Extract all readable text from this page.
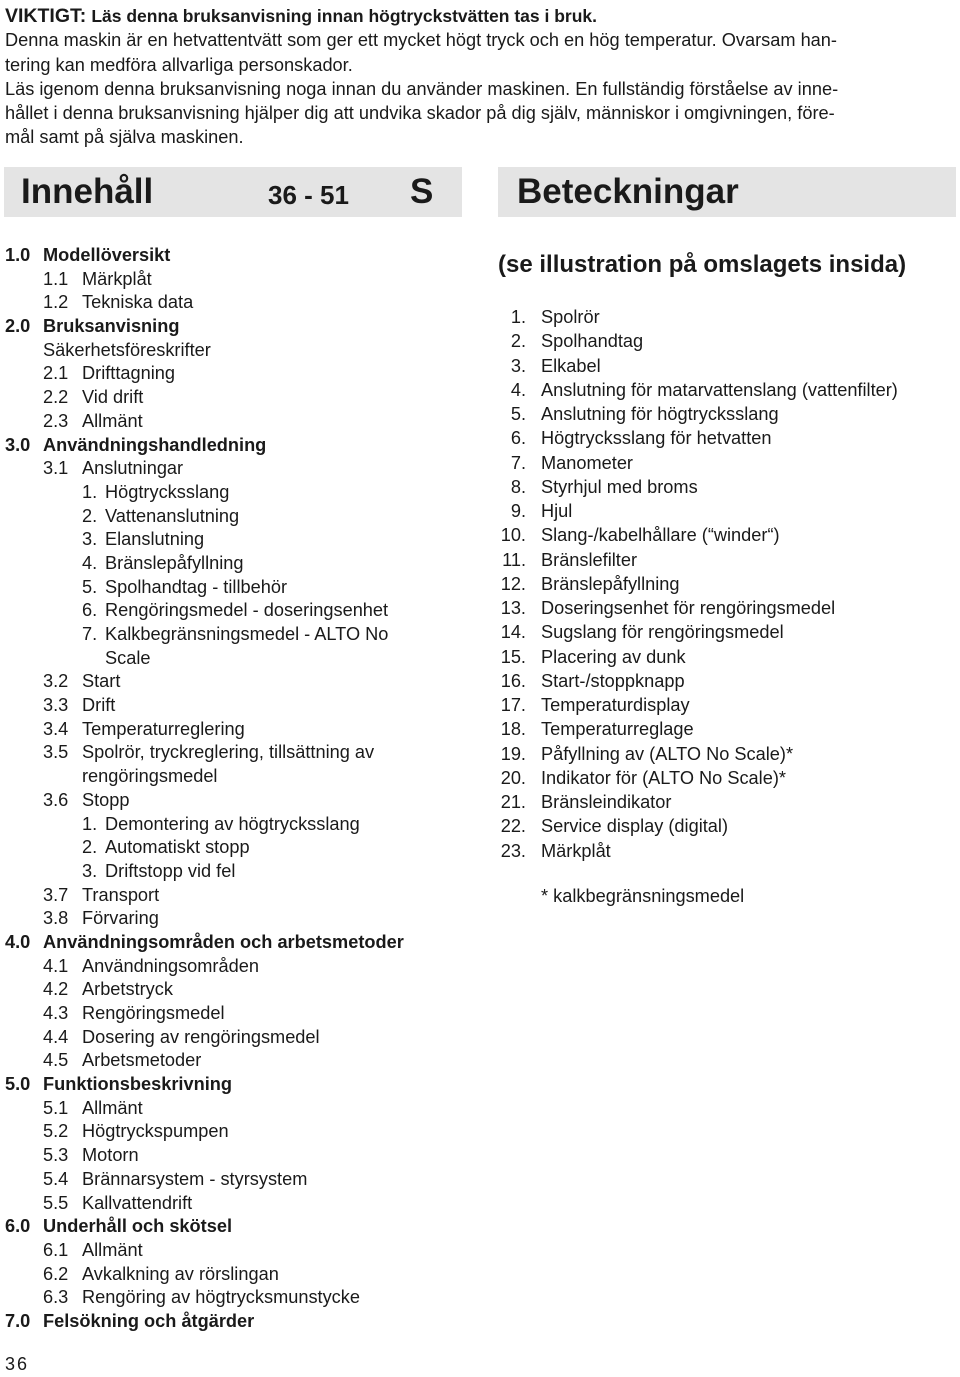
VIKTIGT: Läs denna bruksanvisning innan högtryckstvätten tas i bruk.
Denna maskin är en hetvattentvätt som ger ett mycket högt tryck och en hög temperatur. Ovarsam han-
tering kan medföra allvarliga personskador.
Läs igenom denna bruksanvisning noga innan du använder maskinen. En fullständig förståelse av inne-
hållet i denna bruksanvisning hjälper dig att undvika skador på dig själv, människor i omgivningen, före-
mål samt på själva maskinen.
Innehåll	36 - 51 S Beteckningar
1.0 Modellöversikt
1.1 Märkplåt
1.2 Tekniska data
2.0 Bruksanvisning
Säkerhetsföreskrifter
2.1 Drifttagning
2.2 Vid drift
2.3 Allmänt
3.0 Användningshandledning
3.1 Anslutningar
1. Högtrycksslang
2. Vattenanslutning
3. Elanslutning
4. Bränslepåfyllning
5. Spolhandtag - tillbehör
6. Rengöringsmedel - doseringsenhet
7. Kalkbegränsningsmedel - ALTO No
Scale
3.2 Start
3.3 Drift
3.4 Temperaturreglering
3.5 Spolrör, tryckreglering, tillsättning av
rengöringsmedel
3.6 Stopp
1. Demontering av högtrycksslang
2. Automatiskt stopp
3. Driftstopp vid fel
3.7 Transport
3.8 Förvaring
4.0 Användningsområden och arbetsmetoder
4.1 Användningsområden
4.2 Arbetstryck
4.3 Rengöringsmedel
4.4 Dosering av rengöringsmedel
4.5 Arbetsmetoder
5.0 Funktionsbeskrivning
5.1 Allmänt
5.2 Högtryckspumpen
5.3 Motorn
5.4 Brännarsystem - styrsystem
5.5 Kallvattendrift
6.0 Underhåll och skötsel
6.1 Allmänt
6.2 Avkalkning av rörslingan
6.3 Rengöring av högtrycksmunstycke
7.0 Felsökning och åtgärder
(se illustration på omslagets insida)
1. Spolrör
2. Spolhandtag
3. Elkabel
4. Anslutning för matarvattenslang (vattenfilter)
5. Anslutning för högtrycksslang
6. Högtrycksslang för hetvatten
7. Manometer
8. Styrhjul med broms
9. Hjul
10. Slang-/kabelhållare (“winder“)
11. Bränslefilter
12. Bränslepåfyllning
13. Doseringsenhet för rengöringsmedel
14. Sugslang för rengöringsmedel
15. Placering av dunk
16. Start-/stoppknapp
17. Temperaturdisplay
18. Temperaturreglage
19. Påfyllning av (ALTO No Scale)*
20. Indikator för (ALTO No Scale)*
21. Bränsleindikator
22. Service display (digital)
23. Märkplåt
* kalkbegränsningsmedel
36
